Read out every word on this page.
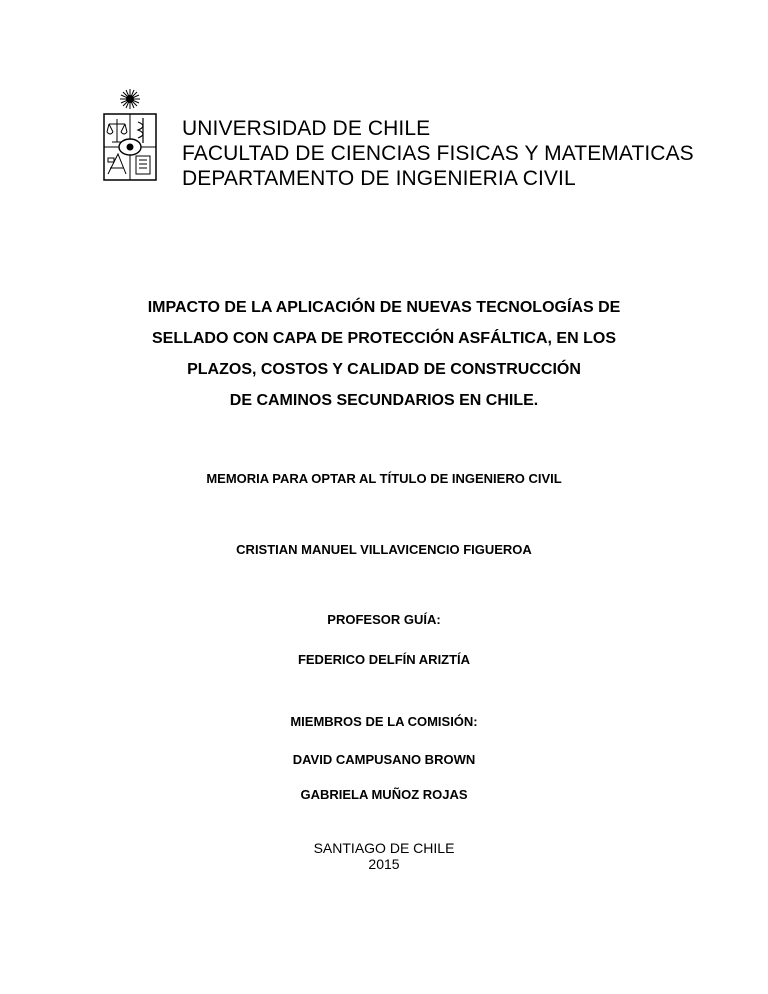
UNIVERSIDAD DE CHILE
FACULTAD DE CIENCIAS FISICAS Y MATEMATICAS
DEPARTAMENTO DE INGENIERIA CIVIL
IMPACTO DE LA APLICACIÓN DE NUEVAS TECNOLOGÍAS DE
SELLADO CON CAPA DE PROTECCIÓN ASFÁLTICA, EN LOS
PLAZOS, COSTOS Y CALIDAD DE CONSTRUCCIÓN
DE CAMINOS SECUNDARIOS EN CHILE.
MEMORIA PARA OPTAR AL TÍTULO DE INGENIERO CIVIL
CRISTIAN MANUEL VILLAVICENCIO FIGUEROA
PROFESOR GUÍA:
FEDERICO DELFÍN ARIZTÍA
MIEMBROS DE LA COMISIÓN:
DAVID CAMPUSANO BROWN
GABRIELA MUÑOZ ROJAS
SANTIAGO DE CHILE
2015
